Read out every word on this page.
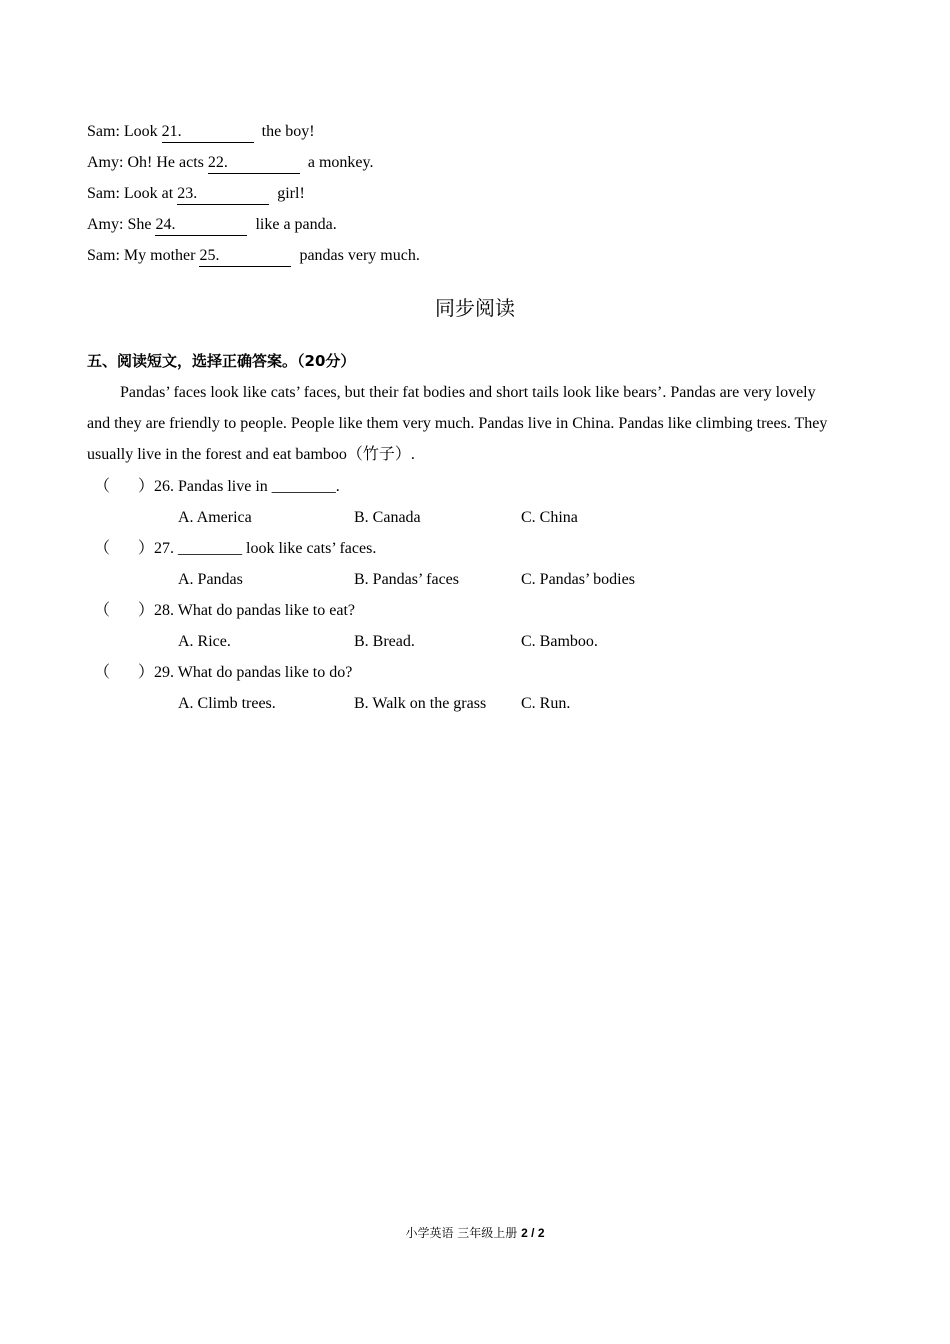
Sam: Look 21.	the boy!
Amy: Oh! He acts 22.	a monkey.
Sam: Look at 23.	girl!
Amy: She 24.	like a panda.
Sam: My mother 25.	pandas very much.
同步阅读
五、阅读短文，选择正确答案。（20分）
Pandas’ faces look like cats’ faces, but their fat bodies and short tails look like bears’. Pandas are very lovely
and they are friendly to people. People like them very much. Pandas live in China. Pandas like climbing trees. They
usually live in the forest and eat bamboo（竹子）.
（ ）26. Pandas live in ________.
A. America	B. Canada	C. China
（ ）27. ________ look like cats’ faces.
A. Pandas	B. Pandas’ faces	C. Pandas’ bodies
（ ）28. What do pandas like to eat?
A. Rice.	B. Bread.	C. Bamboo.
（ ）29. What do pandas like to do?
A. Climb trees.	B. Walk on the grass C. Run.
小学英语 三年级上册 2 / 2
